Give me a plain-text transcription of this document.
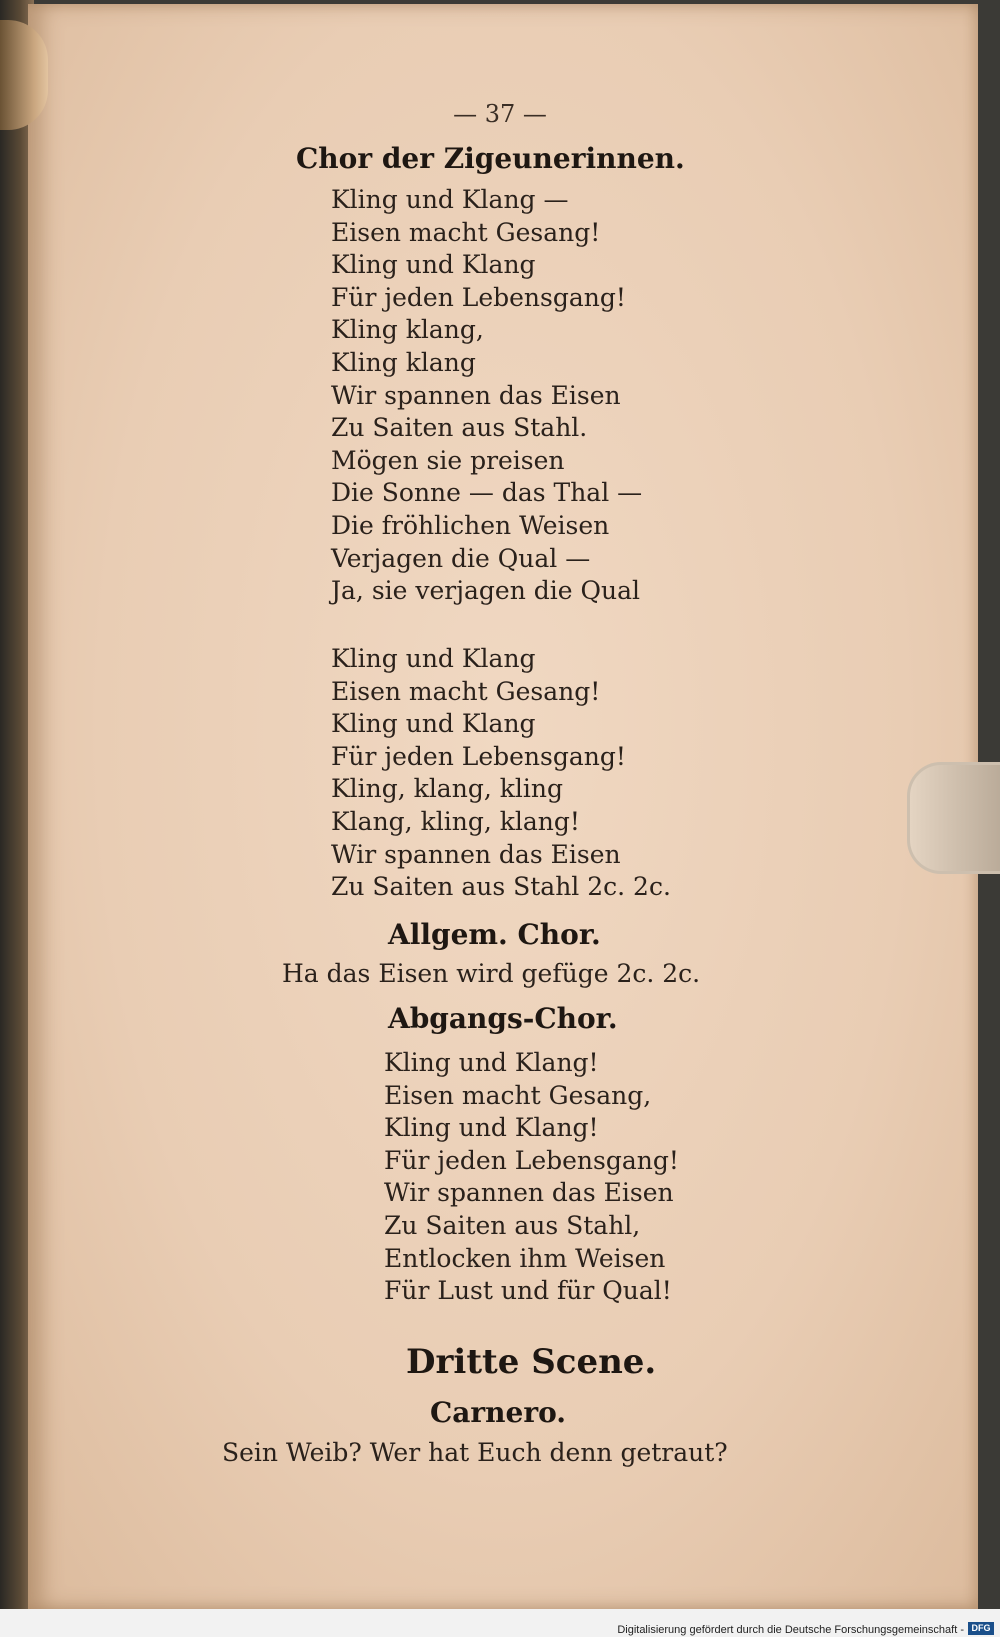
— 37 —
Chor der Zigeunerinnen.
Kling und Klang —
Eisen macht Gesang!
Kling und Klang
Für jeden Lebensgang!
Kling klang,
Kling klang
Wir spannen das Eisen
Zu Saiten aus Stahl.
Mögen sie preisen
Die Sonne — das Thal —
Die fröhlichen Weisen
Verjagen die Qual —
Ja, sie verjagen die Qual
Kling und Klang
Eisen macht Gesang!
Kling und Klang
Für jeden Lebensgang!
Kling, klang, kling
Klang, kling, klang!
Wir spannen das Eisen
Zu Saiten aus Stahl 2c. 2c.
Allgem. Chor.
Ha das Eisen wird gefüge 2c. 2c.
Abgangs-Chor.
Kling und Klang!
Eisen macht Gesang,
Kling und Klang!
Für jeden Lebensgang!
Wir spannen das Eisen
Zu Saiten aus Stahl,
Entlocken ihm Weisen
Für Lust und für Qual!
Dritte Scene.
Carnero.
Sein Weib? Wer hat Euch denn getraut?
Digitalisierung gefördert durch die Deutsche Forschungsgemeinschaft - DFG
